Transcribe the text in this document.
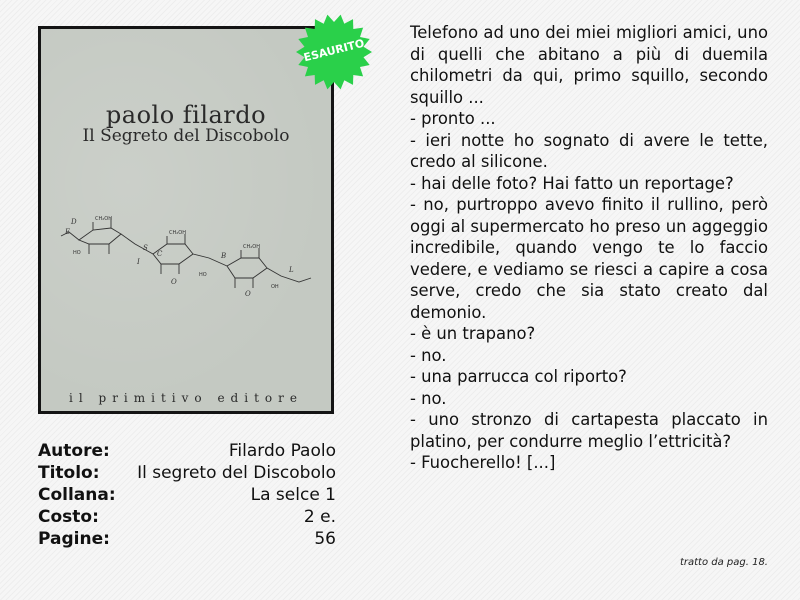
paolo filardo
Il Segreto del Discobolo
D
E
I
S
C	B
L
O
O
CH₂OH
CH₂OH
CH₂OH
HO
HO
OH
il primitivo editore
ESAURITO
Autore:	Filardo Paolo
Titolo: Il segreto del Discobolo
Collana:	La selce 1
Costo:	2 e.
Pagine:	56

Telefono ad uno dei miei migliori amici, uno di quelli che abitano a più di duemila chilometri da qui, primo squillo, secondo squillo ...

- pronto ...

- ieri notte ho sognato di avere le tette, credo al silicone.

- hai delle foto? Hai fatto un reportage?

- no, purtroppo avevo finito il rullino, però oggi al supermercato ho preso un aggeggio incredibile, quando vengo te lo faccio vedere, e vediamo se riesci a capire a cosa serve, credo che sia stato creato dal demonio.

- è un trapano?

- no.

- una parrucca col riporto?

- no.

- uno stronzo di cartapesta placcato in platino, per condurre meglio l’ettricità?

- Fuocherello! [...]

tratto da pag. 18.
